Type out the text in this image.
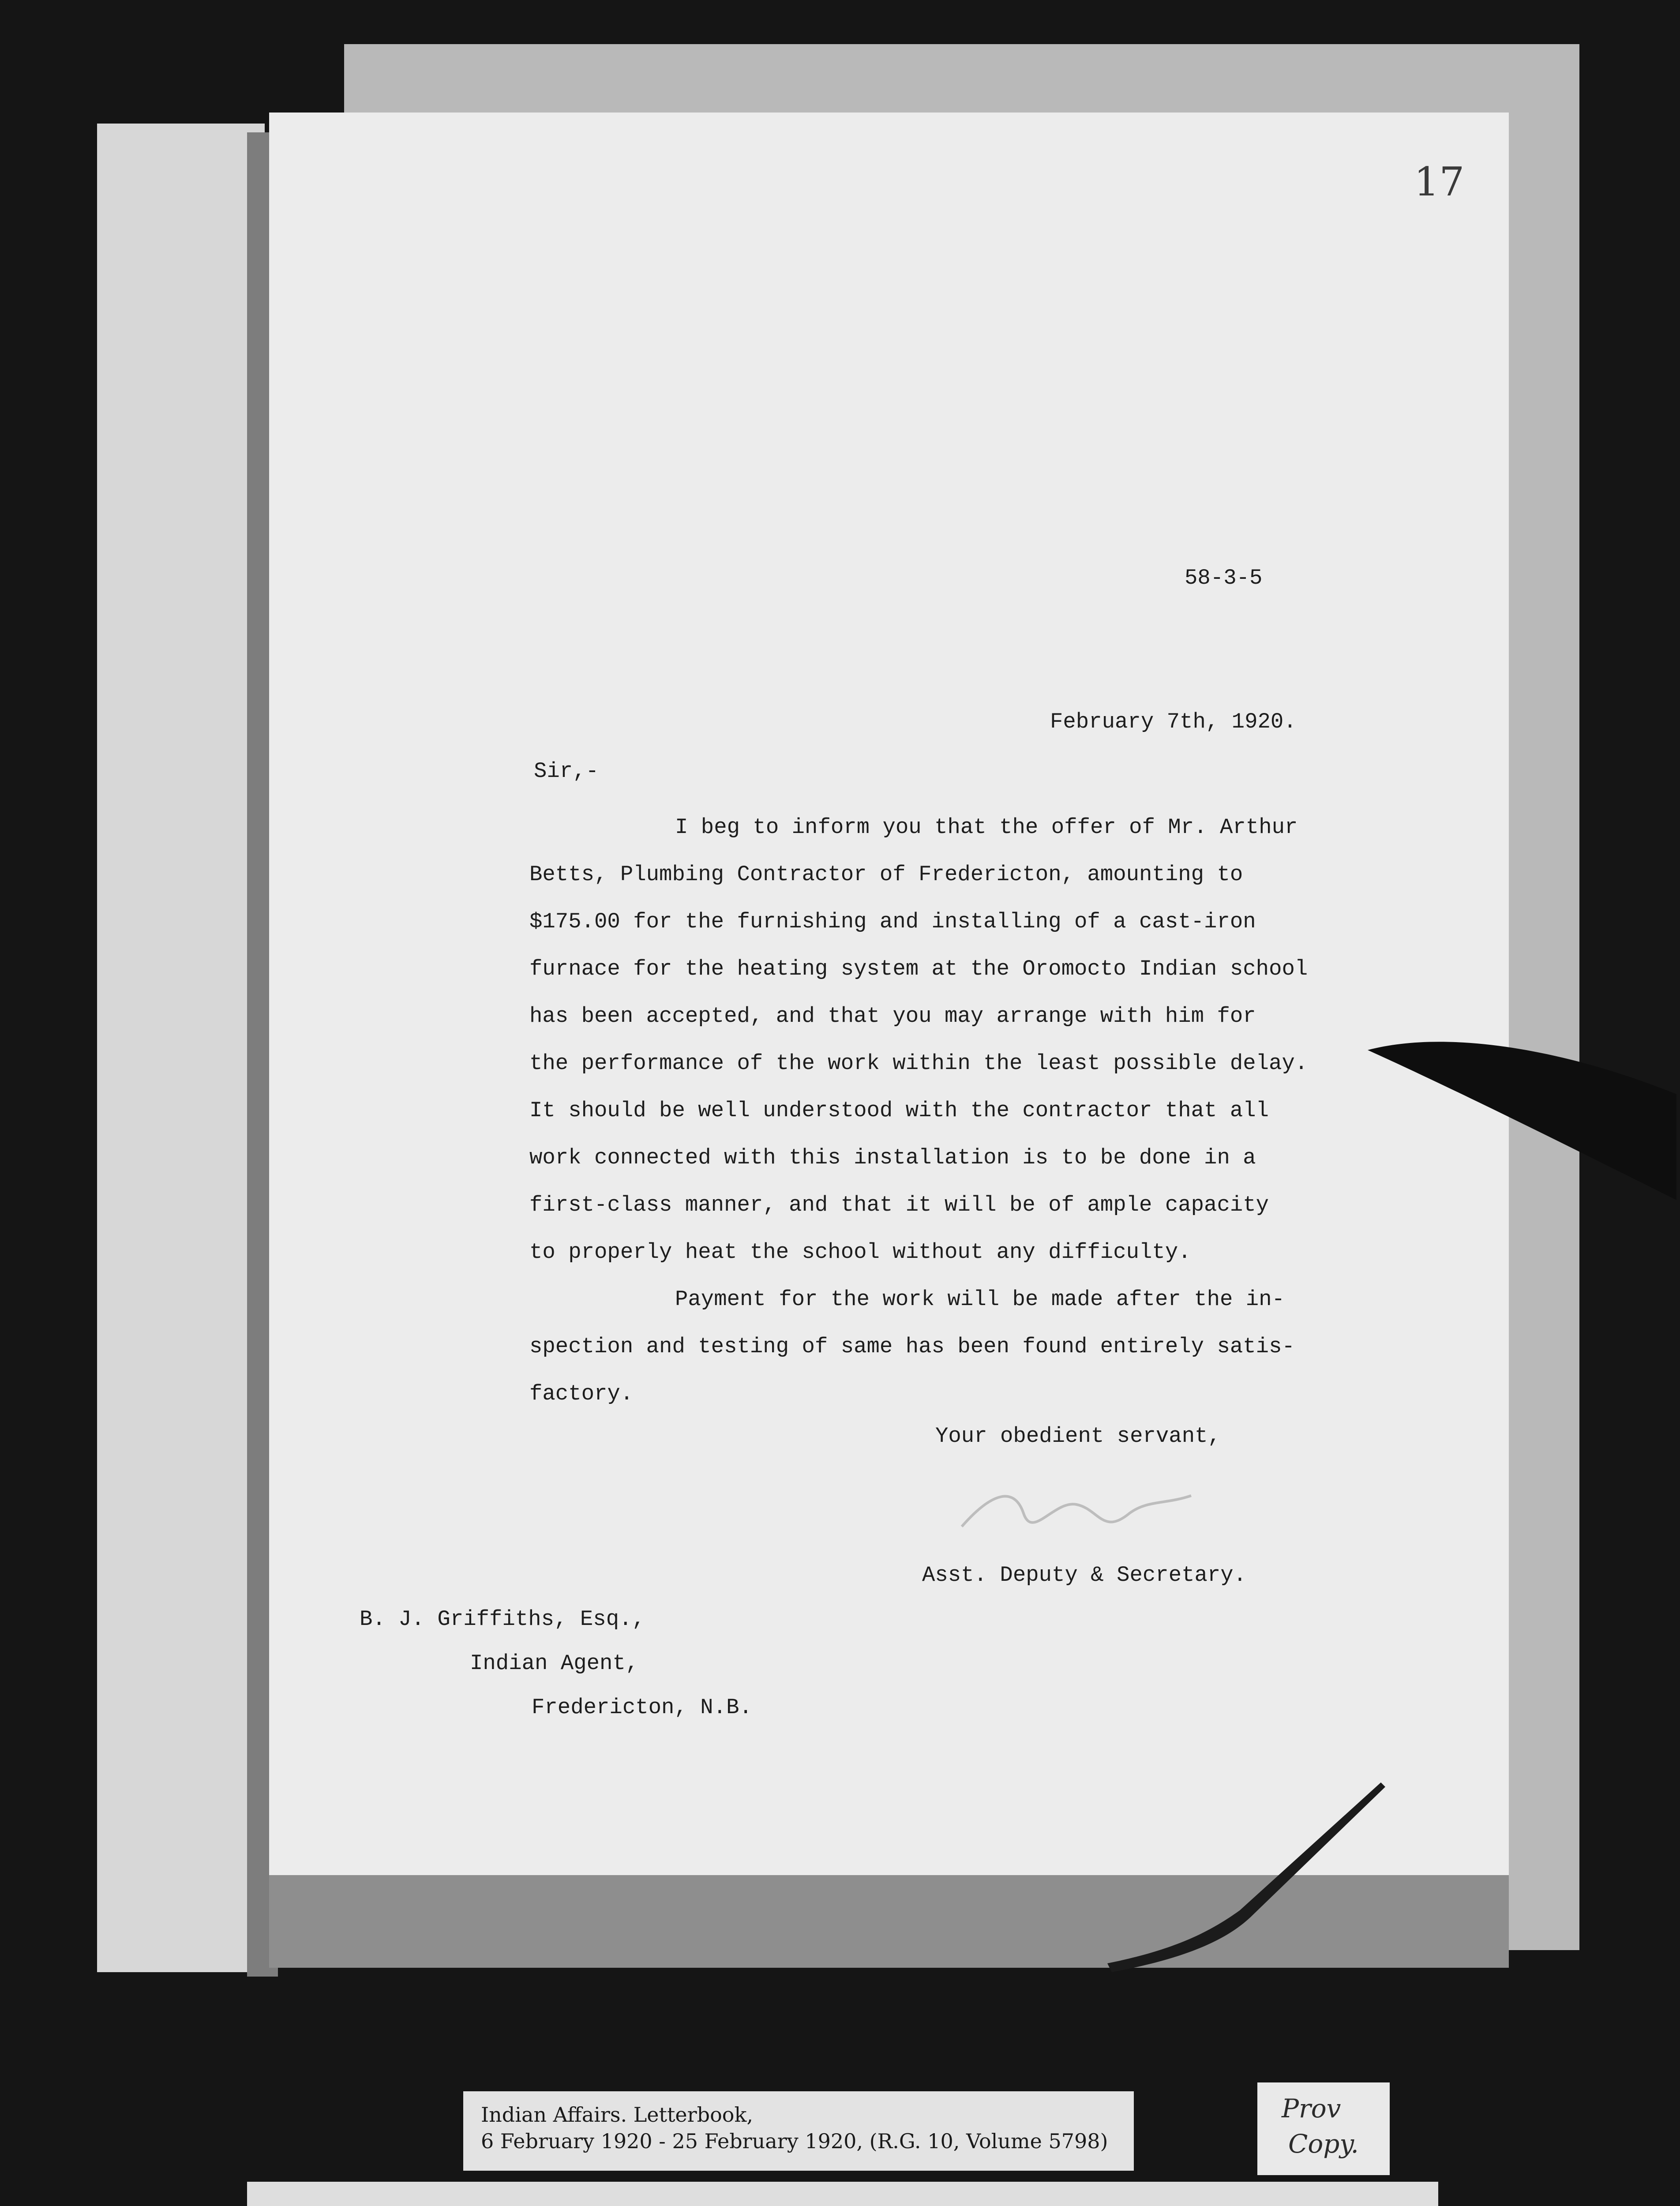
17
58-3-5
February 7th, 1920.
Sir,-
I beg to inform you that the offer of Mr. Arthur
Betts, Plumbing Contractor of Fredericton, amounting to
$175.00 for the furnishing and installing of a cast-iron
furnace for the heating system at the Oromocto Indian school
has been accepted, and that you may arrange with him for
the performance of the work within the least possible delay.
It should be well understood with the contractor that all
work connected with this installation is to be done in a
first-class manner, and that it will be of ample capacity
to properly heat the school without any difficulty.
Payment for the work will be made after the in-
spection and testing of same has been found entirely satis-
factory.
Your obedient servant,
Asst. Deputy & Secretary.
B. J. Griffiths, Esq.,
Indian Agent,
Fredericton, N.B.
Indian Affairs. Letterbook,
6 February 1920 - 25 February 1920, (R.G. 10, Volume 5798)
Prov
Copy.
